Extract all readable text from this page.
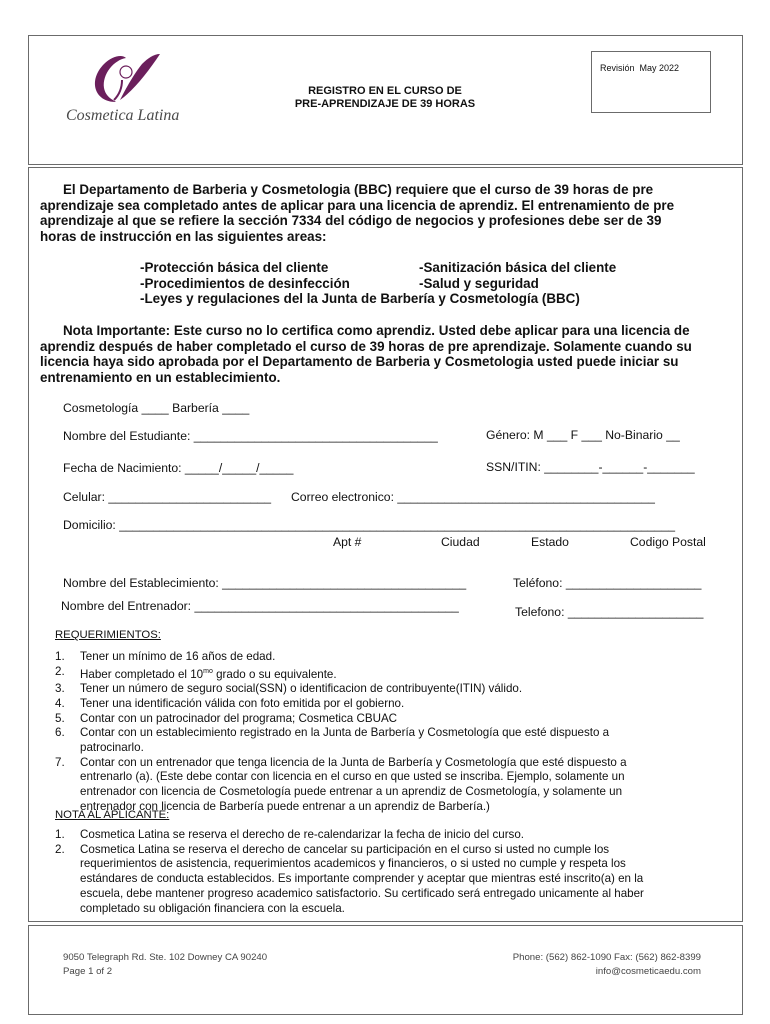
Cosmetica Latina
Revisión May 2022
REGISTRO EN EL CURSO DE
PRE-APRENDIZAJE DE 39 HORAS
El Departamento de Barberia y Cosmetologia (BBC) requiere que el curso de 39 horas de pre
aprendizaje sea completado antes de aplicar para una licencia de aprendiz. El entrenamiento de pre
aprendizaje al que se refiere la sección 7334 del código de negocios y profesiones debe ser de 39
horas de instrucción en las siguientes areas:
-Protección básica del cliente	-Sanitización básica del cliente
-Procedimientos de desinfección	-Salud y seguridad
-Leyes y regulaciones del la Junta de Barbería y Cosmetología (BBC)
Nota Importante: Este curso no lo certifica como aprendiz. Usted debe aplicar para una licencia de
aprendiz después de haber completado el curso de 39 horas de pre aprendizaje. Solamente cuando su
licencia haya sido aprobada por el Departamento de Barberia y Cosmetologia usted puede iniciar su
entrenamiento en un establecimiento.
Cosmetología ____ Barbería ____
Nombre del Estudiante: ____________________________________	Género: M ___ F ___ No-Binario __
Fecha de Nacimiento: _____/_____/_____	SSN/ITIN: ________-______-_______
Celular: ________________________ Correo electronico: ______________________________________
Domicilio: __________________________________________________________________________________
Apt #	Ciudad	Estado	Codigo Postal
Nombre del Establecimiento: ____________________________________	Teléfono: ____________________
Nombre del Entrenador: _______________________________________	Telefono: ____________________
REQUERIMIENTOS:
1. Tener un mínimo de 16 años de edad.
2. Haber completado el $10^{mo}$ grado o su equivalente.
3. Tener un número de seguro social(SSN) o identificacion de contribuyente(ITIN) válido.
4. Tener una identificación válida con foto emitida por el gobierno.
5. Contar con un patrocinador del programa; Cosmetica CBUAC
6. Contar con un establecimiento registrado en la Junta de Barbería y Cosmetología que esté dispuesto a
patrocinarlo.
7. Contar con un entrenador que tenga licencia de la Junta de Barbería y Cosmetología que esté dispuesto a
entrenarlo (a). (Este debe contar con licencia en el curso en que usted se inscriba. Ejemplo, solamente un
entrenador con licencia de Cosmetología puede entrenar a un aprendiz de Cosmetología, y solamente un
entrenador con licencia de Barbería puede entrenar a un aprendiz de Barbería.)
NOTA AL APLICANTE:
1. Cosmetica Latina se reserva el derecho de re-calendarizar la fecha de inicio del curso.
2. Cosmetica Latina se reserva el derecho de cancelar su participación en el curso si usted no cumple los
requerimientos de asistencia, requerimientos academicos y financieros, o si usted no cumple y respeta los
estándares de conducta establecidos. Es importante comprender y aceptar que mientras esté inscrito(a) en la
escuela, debe mantener progreso academico satisfactorio. Su certificado será entregado unicamente al haber
completado su obligación financiera con la escuela.
9050 Telegraph Rd. Ste. 102 Downey CA 90240
Page 1 of 2
Phone: (562) 862-1090 Fax: (562) 862-8399
info@cosmeticaedu.com
